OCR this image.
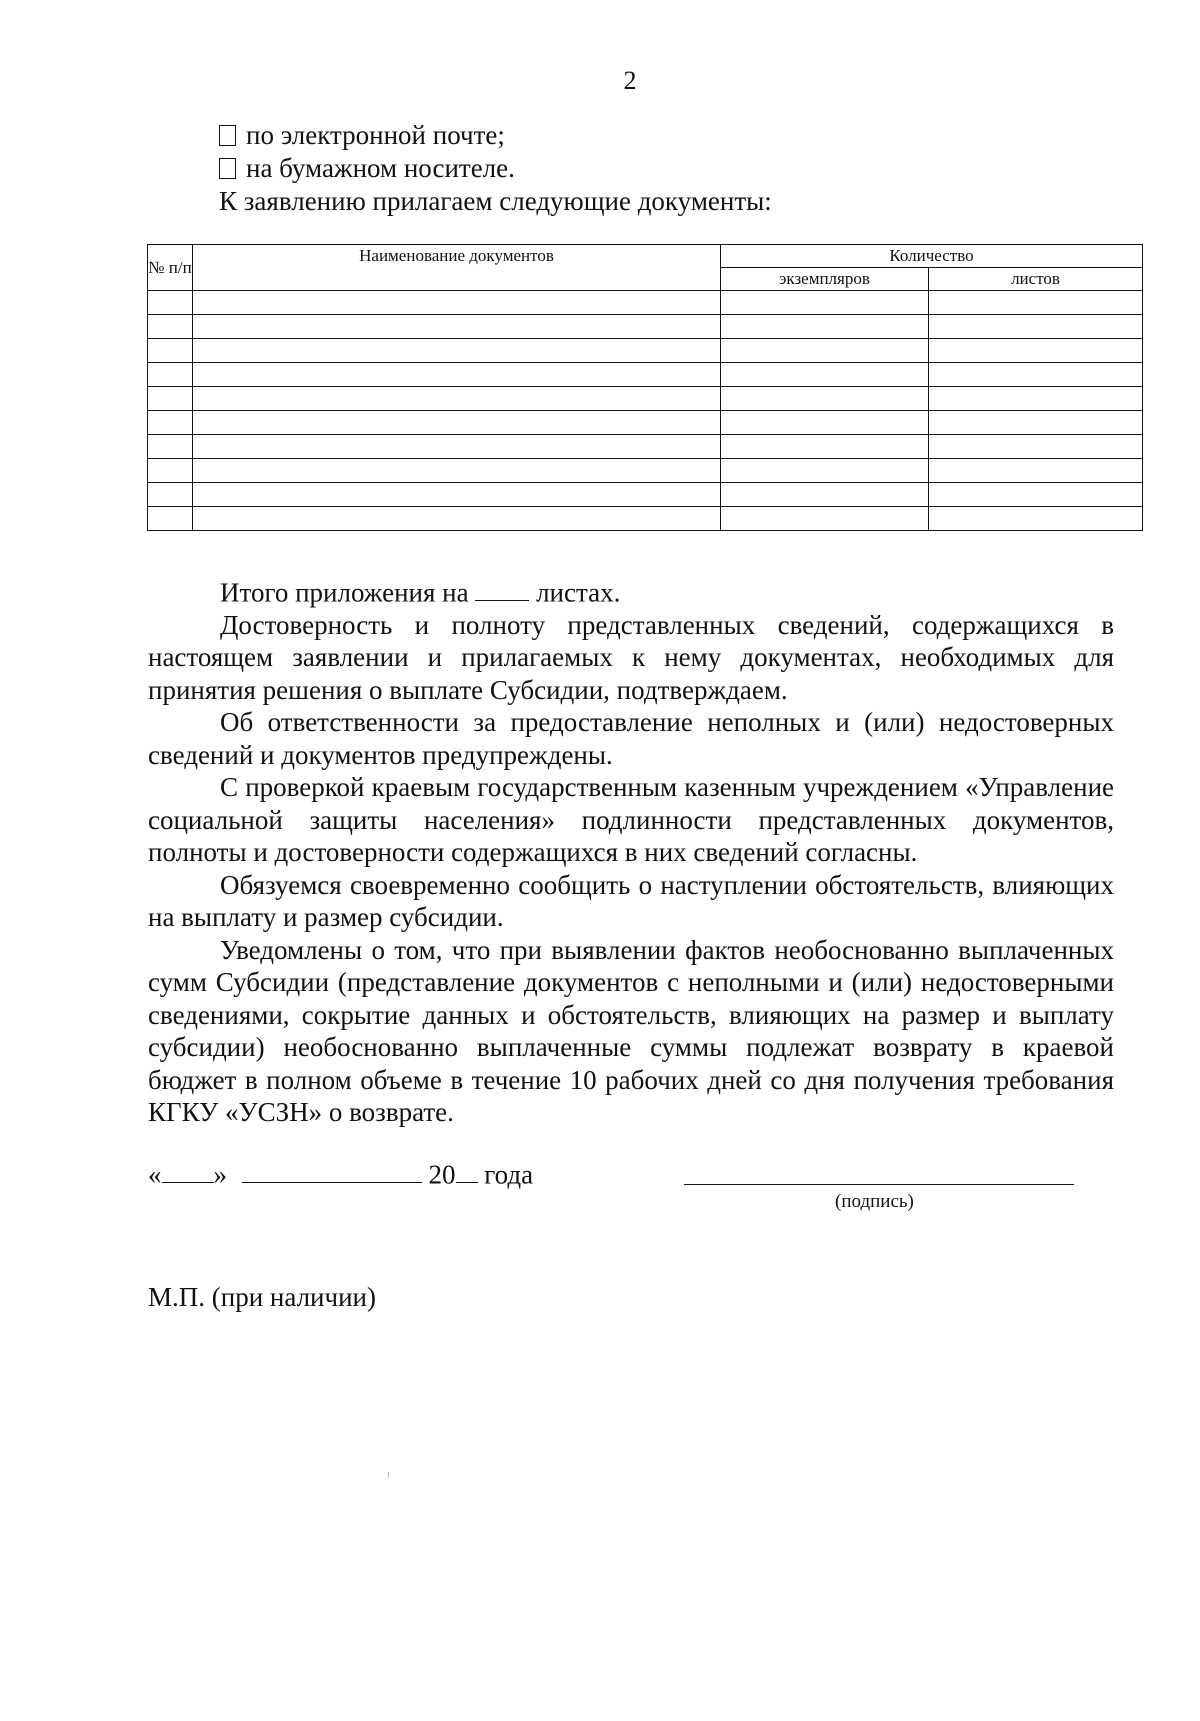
2
по электронной почте;
на бумажном носителе.
К заявлению прилагаем следующие документы:
№ п/п	Наименование документов	Количество	
		экземпляров	листов

Итого приложения на	листах.

Достоверность и полноту представленных сведений, содержащихся в настоящем заявлении и прилагаемых к нему документах, необходимых для принятия решения о выплате Субсидии, подтверждаем.

Об ответственности за предоставление неполных и (или) недостоверных сведений и документов предупреждены.

С проверкой краевым государственным казенным учреждением «Управление социальной защиты населения» подлинности представленных документов, полноты и достоверности содержащихся в них сведений согласны.

Обязуемся своевременно сообщить о наступлении обстоятельств, влияющих на выплату и размер субсидии.

Уведомлены о том, что при выявлении фактов необоснованно выплаченных сумм Субсидии (представление документов с неполными и (или) недостоверными сведениями, сокрытие данных и обстоятельств, влияющих на размер и выплату субсидии) необоснованно выплаченные суммы подлежат возврату в краевой бюджет в полном объеме в течение 10 рабочих дней со дня получения требования КГКУ «УСЗН» о возврате.

« »	20 года
(подпись)
М.П. (при наличии)
